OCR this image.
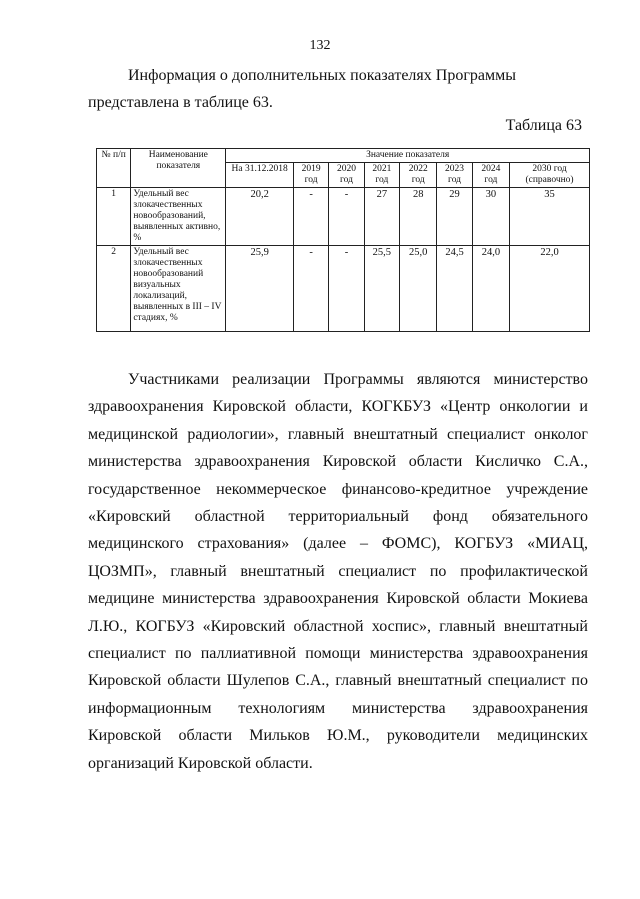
132

Информация о дополнительных показателях Программы представлена в таблице 63.

Таблица 63
№ п/п	Наименование показателя	Значение показателя							
		На 31.12.2018	2019 год	2020 год	2021 год	2022 год	2023 год	2024 год	2030 год (справочно)
1	Удельный вес злокачественных новообразований, выявленных активно, %	20,2	-	-	27	28	29	30	35
2	Удельный вес злокачественных новообразований визуальных локализаций, выявленных в III – IV стадиях, %	25,9	-	-	25,5	25,0	24,5	24,0	22,0

Участниками реализации Программы являются министерство здравоохранения Кировской области, КОГКБУЗ «Центр онкологии и медицинской радиологии», главный внештатный специалист онколог министерства здравоохранения Кировской области Кисличко С.А., государственное некоммерческое финансово-кредитное учреждение «Кировский областной территориальный фонд обязательного медицинского страхования» (далее – ФОМС), КОГБУЗ «МИАЦ, ЦОЗМП», главный внештатный специалист по профилактической медицине министерства здравоохранения Кировской области Мокиева Л.Ю., КОГБУЗ «Кировский областной хоспис», главный внештатный специалист по паллиативной помощи министерства здравоохранения Кировской области Шулепов С.А., главный внештатный специалист по информационным технологиям министерства здравоохранения Кировской области Мильков Ю.М., руководители медицинских организаций Кировской области.
